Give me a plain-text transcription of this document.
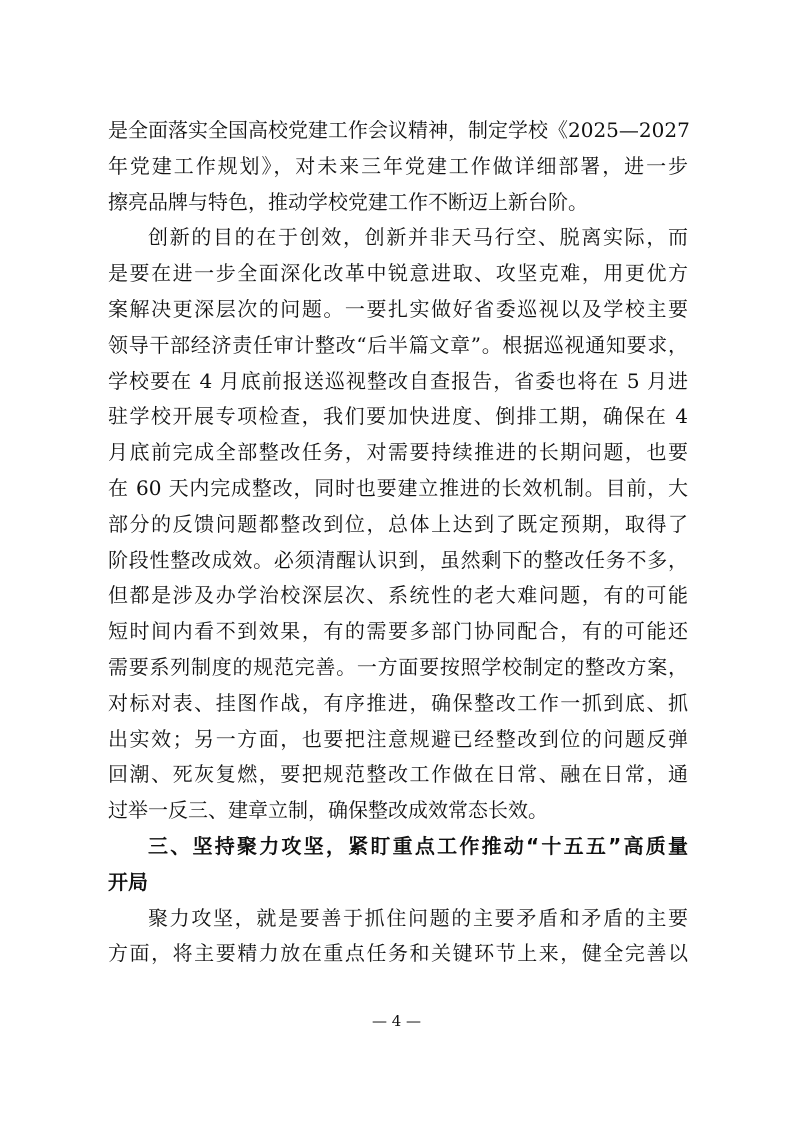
是全面落实全国高校党建工作会议精神，制定学校《2025—2027
年党建工作规划》，对未来三年党建工作做详细部署，进一步
擦亮品牌与特色，推动学校党建工作不断迈上新台阶。
创新的目的在于创效，创新并非天马行空、脱离实际，而
是要在进一步全面深化改革中锐意进取、攻坚克难，用更优方
案解决更深层次的问题。一要扎实做好省委巡视以及学校主要
领导干部经济责任审计整改“后半篇文章”。根据巡视通知要求，
学校要在 4 月底前报送巡视整改自查报告，省委也将在 5 月进
驻学校开展专项检查，我们要加快进度、倒排工期，确保在 4
月底前完成全部整改任务，对需要持续推进的长期问题，也要
在 60 天内完成整改，同时也要建立推进的长效机制。目前，大
部分的反馈问题都整改到位，总体上达到了既定预期，取得了
阶段性整改成效。必须清醒认识到，虽然剩下的整改任务不多，
但都是涉及办学治校深层次、系统性的老大难问题，有的可能
短时间内看不到效果，有的需要多部门协同配合，有的可能还
需要系列制度的规范完善。一方面要按照学校制定的整改方案，
对标对表、挂图作战，有序推进，确保整改工作一抓到底、抓
出实效；另一方面，也要把注意规避已经整改到位的问题反弹
回潮、死灰复燃，要把规范整改工作做在日常、融在日常，通
过举一反三、建章立制，确保整改成效常态长效。
三、坚持聚力攻坚，紧盯重点工作推动“十五五”高质量
开局
聚力攻坚，就是要善于抓住问题的主要矛盾和矛盾的主要
方面，将主要精力放在重点任务和关键环节上来，健全完善以
— 4 —
